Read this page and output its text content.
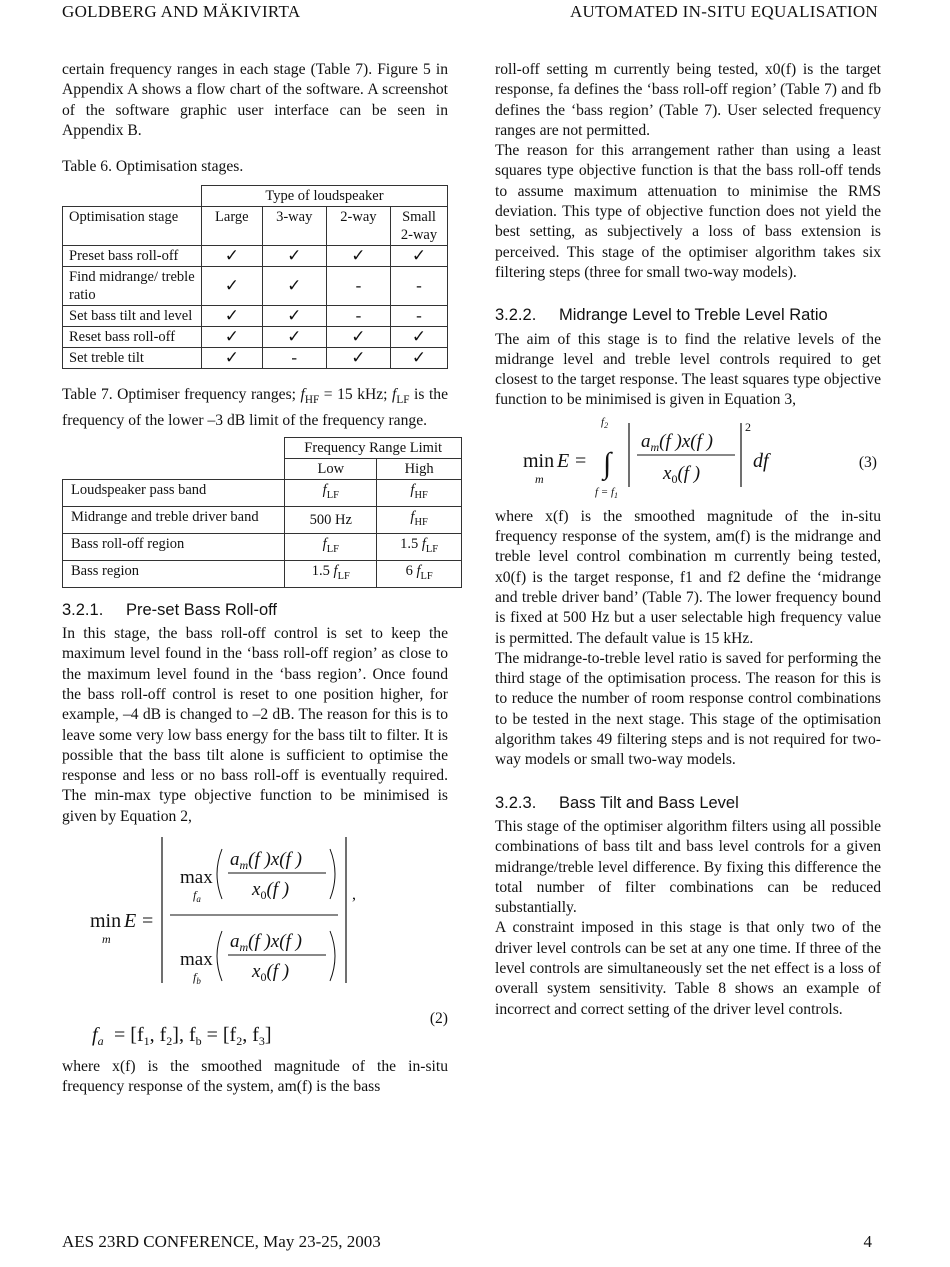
GOLDBERG AND MÄKIVIRTA	AUTOMATED IN-SITU EQUALISATION

certain frequency ranges in each stage (Table 7). Figure 5 in Appendix A shows a flow chart of the software. A screenshot of the software graphic user interface can be seen in Appendix B.

Table 6. Optimisation stages.
	Type of loudspeaker			
Optimisation stage	Large	3-way	2-way	Small 2-way
Preset bass roll-off	✓	✓	✓	✓
Find midrange/ treble ratio	✓	✓	-	-
Set bass tilt and level	✓	✓	-	-
Reset bass roll-off	✓	✓	✓	✓
Set treble tilt	✓	-	✓	✓

Table 7. Optimiser frequency ranges; $f_{HF} = 15$ kHz; $f_{LF}$ is the frequency of the lower –3 dB limit of the frequency range.

	Frequency Range Limit	
	Low	High
Loudspeaker pass band	$f_{LF}$	$f_{HF}$
Midrange and treble driver band	500 Hz	$f_{HF}$
Bass roll-off region	$f_{LF}$	1.5 $f_{LF}$
Bass region	1.5 $f_{LF}$	6 $f_{LF}$
3.2.1. Pre-set Bass Roll-off

In this stage, the bass roll-off control is set to keep the maximum level found in the ‘bass roll-off region’ as close to the maximum level found in the ‘bass region’. Once found the bass roll-off control is reset to one position higher, for example, –4 dB is changed to –2 dB. The reason for this is to leave some very low bass energy for the bass tilt to filter. It is possible that the bass tilt alone is sufficient to optimise the response and less or no bass roll-off is eventually required. The min-max type objective function to be minimised is given by Equation 2,

min E =
m
max
$f_a$
$a_m(f$ )x(f )
$x_0(f$ )
max
$f_b$
$a_m(f$ )x(f )
$x_0(f$ )
,
$f_a = [f_1$, $f_2$], $f_b = [f_2$, $f_3$]
(2)

where x(f) is the smoothed magnitude of the in-situ frequency response of the system, am(f) is the bass

roll-off setting m currently being tested, x0(f) is the target response, fa defines the ‘bass roll-off region’ (Table 7) and fb defines the ‘bass region’ (Table 7). User selected frequency ranges are not permitted.

The reason for this arrangement rather than using a least squares type objective function is that the bass roll-off tends to assume maximum attenuation to minimise the RMS deviation. This type of objective function does not yield the best setting, as subjectively a loss of bass extension is perceived. This stage of the optimiser algorithm takes six filtering steps (three for small two-way models).

3.2.2. Midrange Level to Treble Level Ratio

The aim of this stage is to find the relative levels of the midrange level and treble level controls required to get closest to the target response. The least squares type objective function to be minimised is given in Equation 3,

min E =
m
$f_2$
∫
$f = f_1$
$a_m(f$ )x(f )
$x_0(f$ )
2
df	(3)

where x(f) is the smoothed magnitude of the in-situ frequency response of the system, am(f) is the midrange and treble level control combination m currently being tested, x0(f) is the target response, f1 and f2 define the ‘midrange and treble driver band’ (Table 7). The lower frequency bound is fixed at 500 Hz but a user selectable high frequency value is permitted. The default value is 15 kHz.

The midrange-to-treble level ratio is saved for performing the third stage of the optimisation process. The reason for this is to reduce the number of room response control combinations to be tested in the next stage. This stage of the optimisation algorithm takes 49 filtering steps and is not required for two-way models or small two-way models.

3.2.3. Bass Tilt and Bass Level

This stage of the optimiser algorithm filters using all possible combinations of bass tilt and bass level controls for a given midrange/treble level difference. By fixing this difference the total number of filter combinations can be reduced substantially.

A constraint imposed in this stage is that only two of the driver level controls can be set at any one time. If three of the level controls are simultaneously set the net effect is a loss of overall system sensitivity. Table 8 shows an example of incorrect and correct setting of the driver level controls.

AES 23RD CONFERENCE, May 23-25, 2003	4
